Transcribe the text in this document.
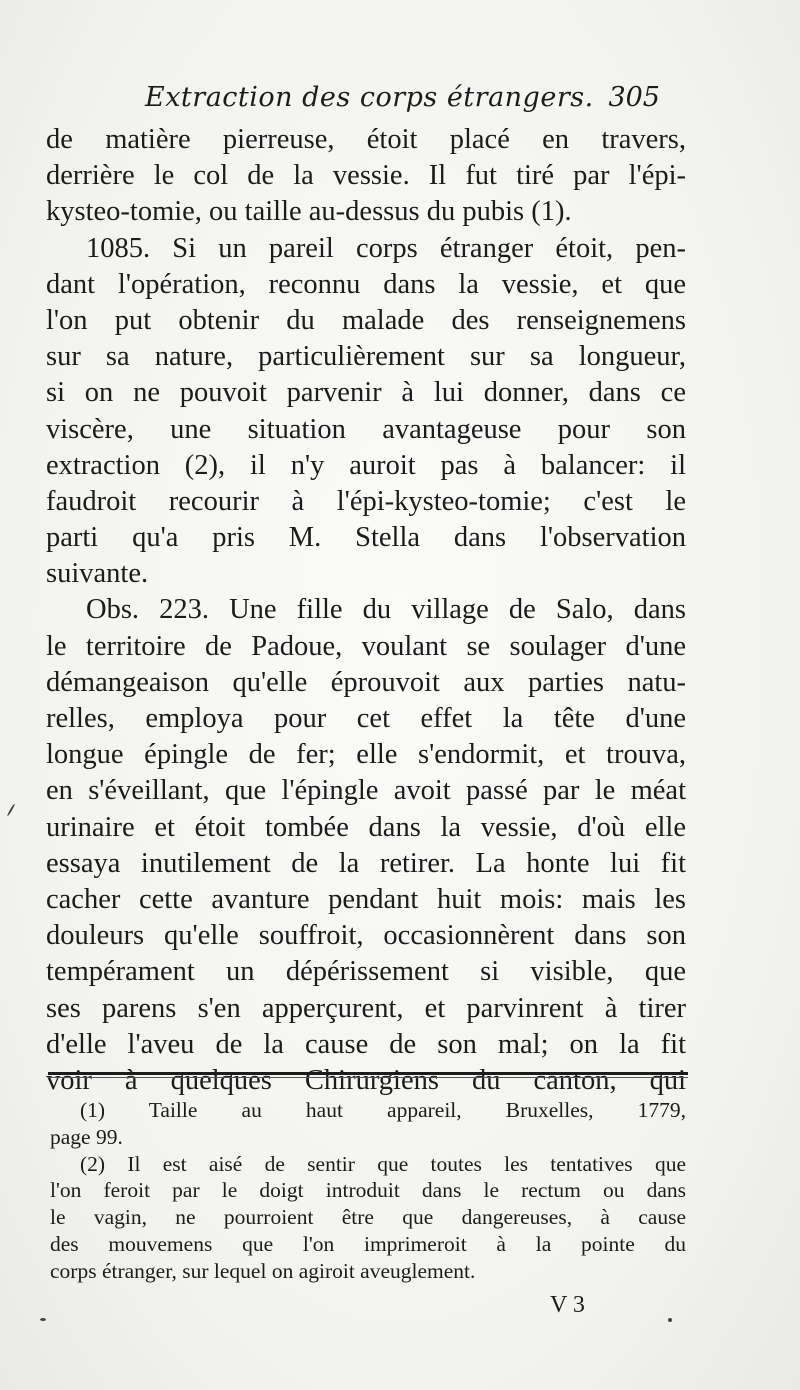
Extraction des corps étrangers. 305
de matière pierreuse, étoit placé en travers,
derrière le col de la vessie. Il fut tiré par l'épi-
kysteo-tomie, ou taille au-dessus du pubis (1).
1085. Si un pareil corps étranger étoit, pen-
dant l'opération, reconnu dans la vessie, et que
l'on put obtenir du malade des renseignemens
sur sa nature, particulièrement sur sa longueur,
si on ne pouvoit parvenir à lui donner, dans ce
viscère, une situation avantageuse pour son
extraction (2), il n'y auroit pas à balancer: il
faudroit recourir à l'épi-kysteo-tomie; c'est le
parti qu'a pris M. Stella dans l'observation
suivante.
Obs. 223. Une fille du village de Salo, dans
le territoire de Padoue, voulant se soulager d'une
démangeaison qu'elle éprouvoit aux parties natu-
relles, employa pour cet effet la tête d'une
longue épingle de fer; elle s'endormit, et trouva,
en s'éveillant, que l'épingle avoit passé par le méat
urinaire et étoit tombée dans la vessie, d'où elle
essaya inutilement de la retirer. La honte lui fit
cacher cette avanture pendant huit mois: mais les
douleurs qu'elle souffroit, occasionnèrent dans son
tempérament un dépérissement si visible, que
ses parens s'en apperçurent, et parvinrent à tirer
d'elle l'aveu de la cause de son mal; on la fit
voir à quelques Chirurgiens du canton, qui
(1) Taille au haut appareil, Bruxelles, 1779,
page 99.
(2) Il est aisé de sentir que toutes les tentatives que
l'on feroit par le doigt introduit dans le rectum ou dans
le vagin, ne pourroient être que dangereuses, à cause
des mouvemens que l'on imprimeroit à la pointe du
corps étranger, sur lequel on agiroit aveuglement.
V 3
